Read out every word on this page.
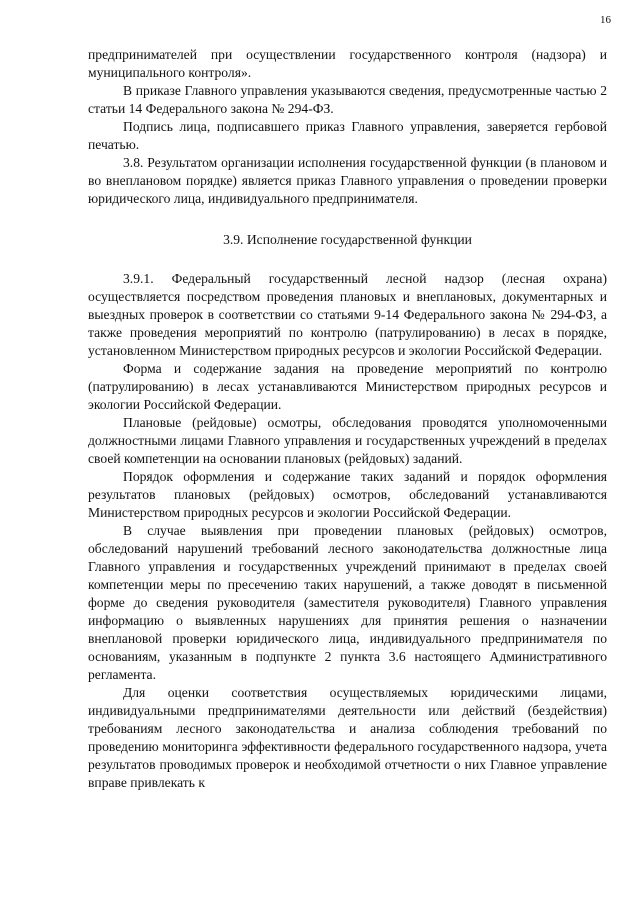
16

предпринимателей при осуществлении государственного контроля (надзора) и муниципального контроля».

В приказе Главного управления указываются сведения, предусмотренные частью 2 статьи 14 Федерального закона № 294-ФЗ.

Подпись лица, подписавшего приказ Главного управления, заверяется гербовой печатью.

3.8. Результатом организации исполнения государственной функции (в плановом и во внеплановом порядке) является приказ Главного управления о проведении проверки юридического лица, индивидуального предпринимателя.

3.9. Исполнение государственной функции

3.9.1. Федеральный государственный лесной надзор (лесная охрана) осуществляется посредством проведения плановых и внеплановых, документарных и выездных проверок в соответствии со статьями 9-14 Федерального закона № 294-ФЗ, а также проведения мероприятий по контролю (патрулированию) в лесах в порядке, установленном Министерством природных ресурсов и экологии Российской Федерации.

Форма и содержание задания на проведение мероприятий по контролю (патрулированию) в лесах устанавливаются Министерством природных ресурсов и экологии Российской Федерации.

Плановые (рейдовые) осмотры, обследования проводятся уполномоченными должностными лицами Главного управления и государственных учреждений в пределах своей компетенции на основании плановых (рейдовых) заданий.

Порядок оформления и содержание таких заданий и порядок оформления результатов плановых (рейдовых) осмотров, обследований устанавливаются Министерством природных ресурсов и экологии Российской Федерации.

В случае выявления при проведении плановых (рейдовых) осмотров, обследований нарушений требований лесного законодательства должностные лица Главного управления и государственных учреждений принимают в пределах своей компетенции меры по пресечению таких нарушений, а также доводят в письменной форме до сведения руководителя (заместителя руководителя) Главного управления информацию о выявленных нарушениях для принятия решения о назначении внеплановой проверки юридического лица, индивидуального предпринимателя по основаниям, указанным в подпункте 2 пункта 3.6 настоящего Административного регламента.

Для оценки соответствия осуществляемых юридическими лицами, индивидуальными предпринимателями деятельности или действий (бездействия) требованиям лесного законодательства и анализа соблюдения требований по проведению мониторинга эффективности федерального государственного надзора, учета результатов проводимых проверок и необходимой отчетности о них Главное управление вправе привлекать к
